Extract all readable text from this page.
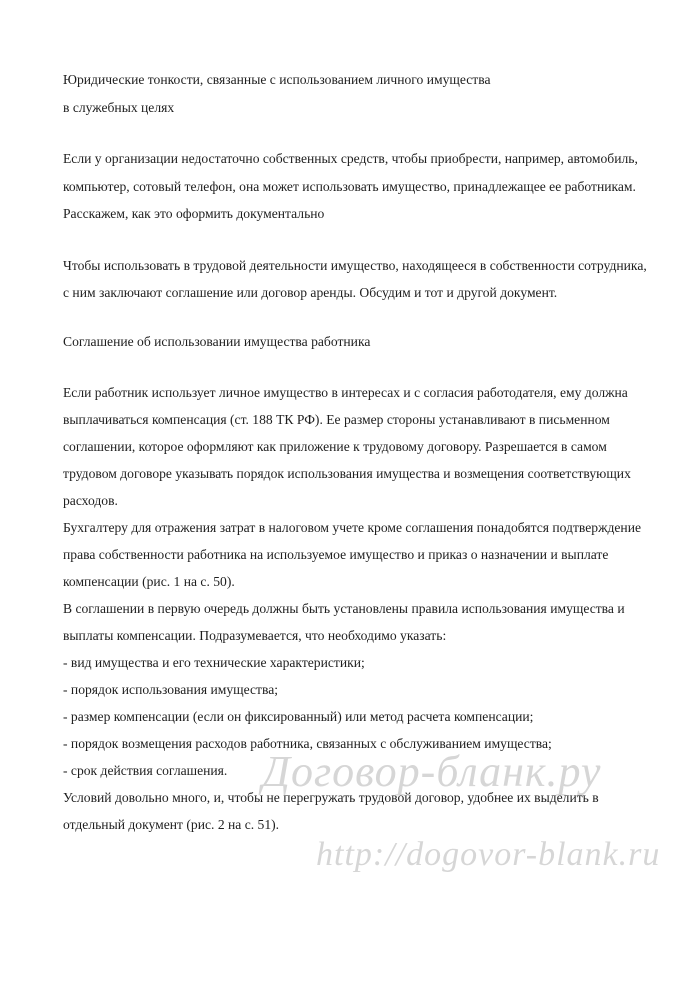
Юридические тонкости, связанные с использованием личного имущества
в служебных целях
Если у организации недостаточно собственных средств, чтобы приобрести, например, автомобиль,
компьютер, сотовый телефон, она может использовать имущество, принадлежащее ее работникам.
Расскажем, как это оформить документально
Чтобы использовать в трудовой деятельности имущество, находящееся в собственности сотрудника,
с ним заключают соглашение или договор аренды. Обсудим и тот и другой документ.
Соглашение об использовании имущества работника
Если работник использует личное имущество в интересах и с согласия работодателя, ему должна
выплачиваться компенсация (ст. 188 ТК РФ). Ее размер стороны устанавливают в письменном
соглашении, которое оформляют как приложение к трудовому договору. Разрешается в самом
трудовом договоре указывать порядок использования имущества и возмещения соответствующих
расходов.
Бухгалтеру для отражения затрат в налоговом учете кроме соглашения понадобятся подтверждение
права собственности работника на используемое имущество и приказ о назначении и выплате
компенсации (рис. 1 на с. 50).
В соглашении в первую очередь должны быть установлены правила использования имущества и
выплаты компенсации. Подразумевается, что необходимо указать:
- вид имущества и его технические характеристики;
- порядок использования имущества;
- размер компенсации (если он фиксированный) или метод расчета компенсации;
- порядок возмещения расходов работника, связанных с обслуживанием имущества;
- срок действия соглашения.
Условий довольно много, и, чтобы не перегружать трудовой договор, удобнее их выделить в
отдельный документ (рис. 2 на с. 51).
Договор-бланк.ру
http://dogovor-blank.ru
